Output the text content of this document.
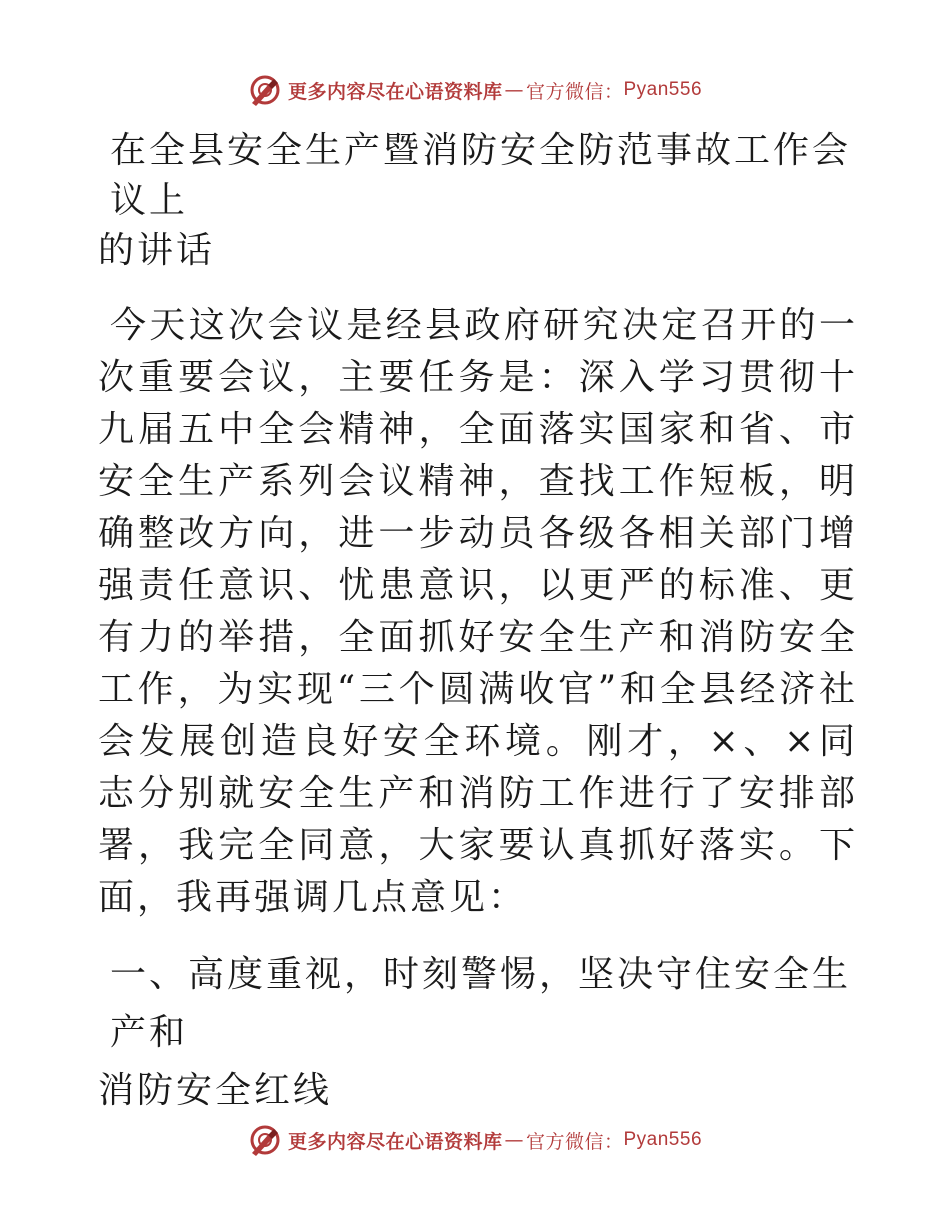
更多内容尽在心语资料库 — 官方微信： Pyan556
在全县安全生产暨消防安全防范事故工作会议上
的讲话

今天这次会议是经县政府研究决定召开的一次重要会议，主要任务是：深入学习贯彻十九届五中全会精神，全面落实国家和省、市安全生产系列会议精神，查找工作短板，明确整改方向，进一步动员各级各相关部门增强责任意识、忧患意识，以更严的标准、更有力的举措，全面抓好安全生产和消防安全工作，为实现“三个圆满收官”和全县经济社会发展创造良好安全环境。刚才，×、×同志分别就安全生产和消防工作进行了安排部署，我完全同意，大家要认真抓好落实。下面，我再强调几点意见：

一、高度重视，时刻警惕，坚决守住安全生产和
消防安全红线
更多内容尽在心语资料库 — 官方微信： Pyan556
